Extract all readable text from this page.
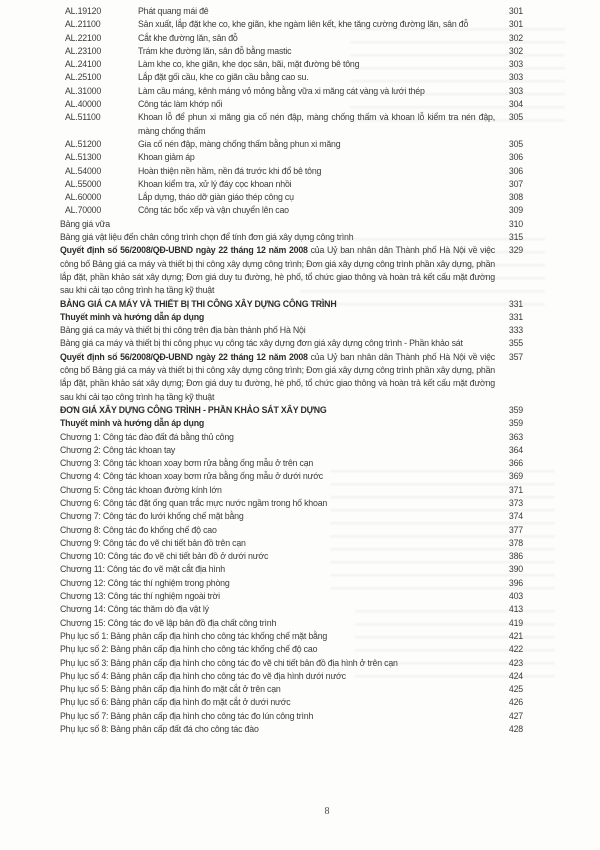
AL.19120	Phát quang mái đê	301
AL.21100	Sản xuất, lắp đặt khe co, khe giãn, khe ngàm liên kết, khe tăng cường đường lăn, sân đỗ	301
AL.22100	Cắt khe đường lăn, sân đỗ	302
AL.23100	Trám khe đường lăn, sân đỗ bằng mastic	302
AL.24100	Làm khe co, khe giãn, khe dọc sân, bãi, mặt đường bê tông	303
AL.25100	Lắp đặt gối cầu, khe co giãn cầu bằng cao su.	303
AL.31000	Làm cầu máng, kênh máng vỏ mỏng bằng vữa xi măng cát vàng và lưới thép	303
AL.40000	Công tác làm khớp nối	304
AL.51100	Khoan lỗ để phun xi măng gia cố nén đập, màng chống thấm và khoan lỗ kiểm tra nén đập, màng chống thấm
305
AL.51200	Gia cố nén đập, màng chống thấm bằng phun xi măng	305
AL.51300	Khoan giảm áp	306
AL.54000	Hoàn thiện nền hầm, nền đá trước khi đổ bê tông	306
AL.55000	Khoan kiểm tra, xử lý đáy cọc khoan nhồi	307
AL.60000	Lắp dựng, tháo dỡ giàn giáo thép công cụ	308
AL.70000	Công tác bốc xếp và vận chuyển lên cao	309
Bảng giá vữa	310
Bảng giá vật liệu đến chân công trình chọn để tính đơn giá xây dựng công trình	315
Quyết định số 56/2008/QĐ-UBND ngày 22 tháng 12 năm 2008 của Uỷ ban nhân dân Thành phố Hà Nội về việc công bố Bảng giá ca máy và thiết bị thi công xây dựng công trình; Đơn giá xây dựng công trình phần xây dựng, phần lắp đặt, phần khảo sát xây dựng; Đơn giá duy tu đường, hè phố, tổ chức giao thông và hoàn trả kết cấu mặt đường sau khi cải tạo công trình hạ tầng kỹ thuật
329
BẢNG GIÁ CA MÁY VÀ THIẾT BỊ THI CÔNG XÂY DỰNG CÔNG TRÌNH	331
Thuyết minh và hướng dẫn áp dụng	331
Bảng giá ca máy và thiết bị thi công trên địa bàn thành phố Hà Nội	333
Bảng giá ca máy và thiết bị thi công phục vụ công tác xây dựng đơn giá xây dựng công trình - Phần khảo sát	355
Quyết định số 56/2008/QĐ-UBND ngày 22 tháng 12 năm 2008 của Uỷ ban nhân dân Thành phố Hà Nội về việc công bố Bảng giá ca máy và thiết bị thi công xây dựng công trình; Đơn giá xây dựng công trình phần xây dựng, phần lắp đặt, phần khảo sát xây dựng; Đơn giá duy tu đường, hè phố, tổ chức giao thông và hoàn trả kết cấu mặt đường sau khi cải tạo công trình hạ tầng kỹ thuật
357
ĐƠN GIÁ XÂY DỰNG CÔNG TRÌNH - PHẦN KHẢO SÁT XÂY DỰNG	359
Thuyết minh và hướng dẫn áp dụng	359
Chương 1: Công tác đào đất đá bằng thủ công	363
Chương 2: Công tác khoan tay	364
Chương 3: Công tác khoan xoay bơm rửa bằng ống mẫu ở trên cạn	366
Chương 4: Công tác khoan xoay bơm rửa bằng ống mẫu ở dưới nước	369
Chương 5: Công tác khoan đường kính lớn	371
Chương 6: Công tác đặt ống quan trắc mực nước ngầm trong hố khoan	373
Chương 7: Công tác đo lưới khống chế mặt bằng	374
Chương 8: Công tác đo khống chế độ cao	377
Chương 9: Công tác đo vẽ chi tiết bản đồ trên cạn	378
Chương 10: Công tác đo vẽ chi tiết bản đồ ở dưới nước	386
Chương 11: Công tác đo vẽ mặt cắt địa hình	390
Chương 12: Công tác thí nghiệm trong phòng	396
Chương 13: Công tác thí nghiệm ngoài trời	403
Chương 14: Công tác thăm dò địa vật lý	413
Chương 15: Công tác đo vẽ lập bản đồ địa chất công trình	419
Phụ lục số 1: Bảng phân cấp địa hình cho công tác khống chế mặt bằng	421
Phụ lục số 2: Bảng phân cấp địa hình cho công tác khống chế độ cao	422
Phụ lục số 3: Bảng phân cấp địa hình cho công tác đo vẽ chi tiết bản đồ địa hình ở trên cạn	423
Phụ lục số 4: Bảng phân cấp địa hình cho công tác đo vẽ địa hình dưới nước	424
Phụ lục số 5: Bảng phân cấp địa hình đo mặt cắt ở trên cạn	425
Phụ lục số 6: Bảng phân cấp địa hình đo mặt cắt ở dưới nước	426
Phụ lục số 7: Bảng phân cấp địa hình cho công tác đo lún công trình	427
Phụ lục số 8: Bảng phân cấp đất đá cho công tác đào	428
8
